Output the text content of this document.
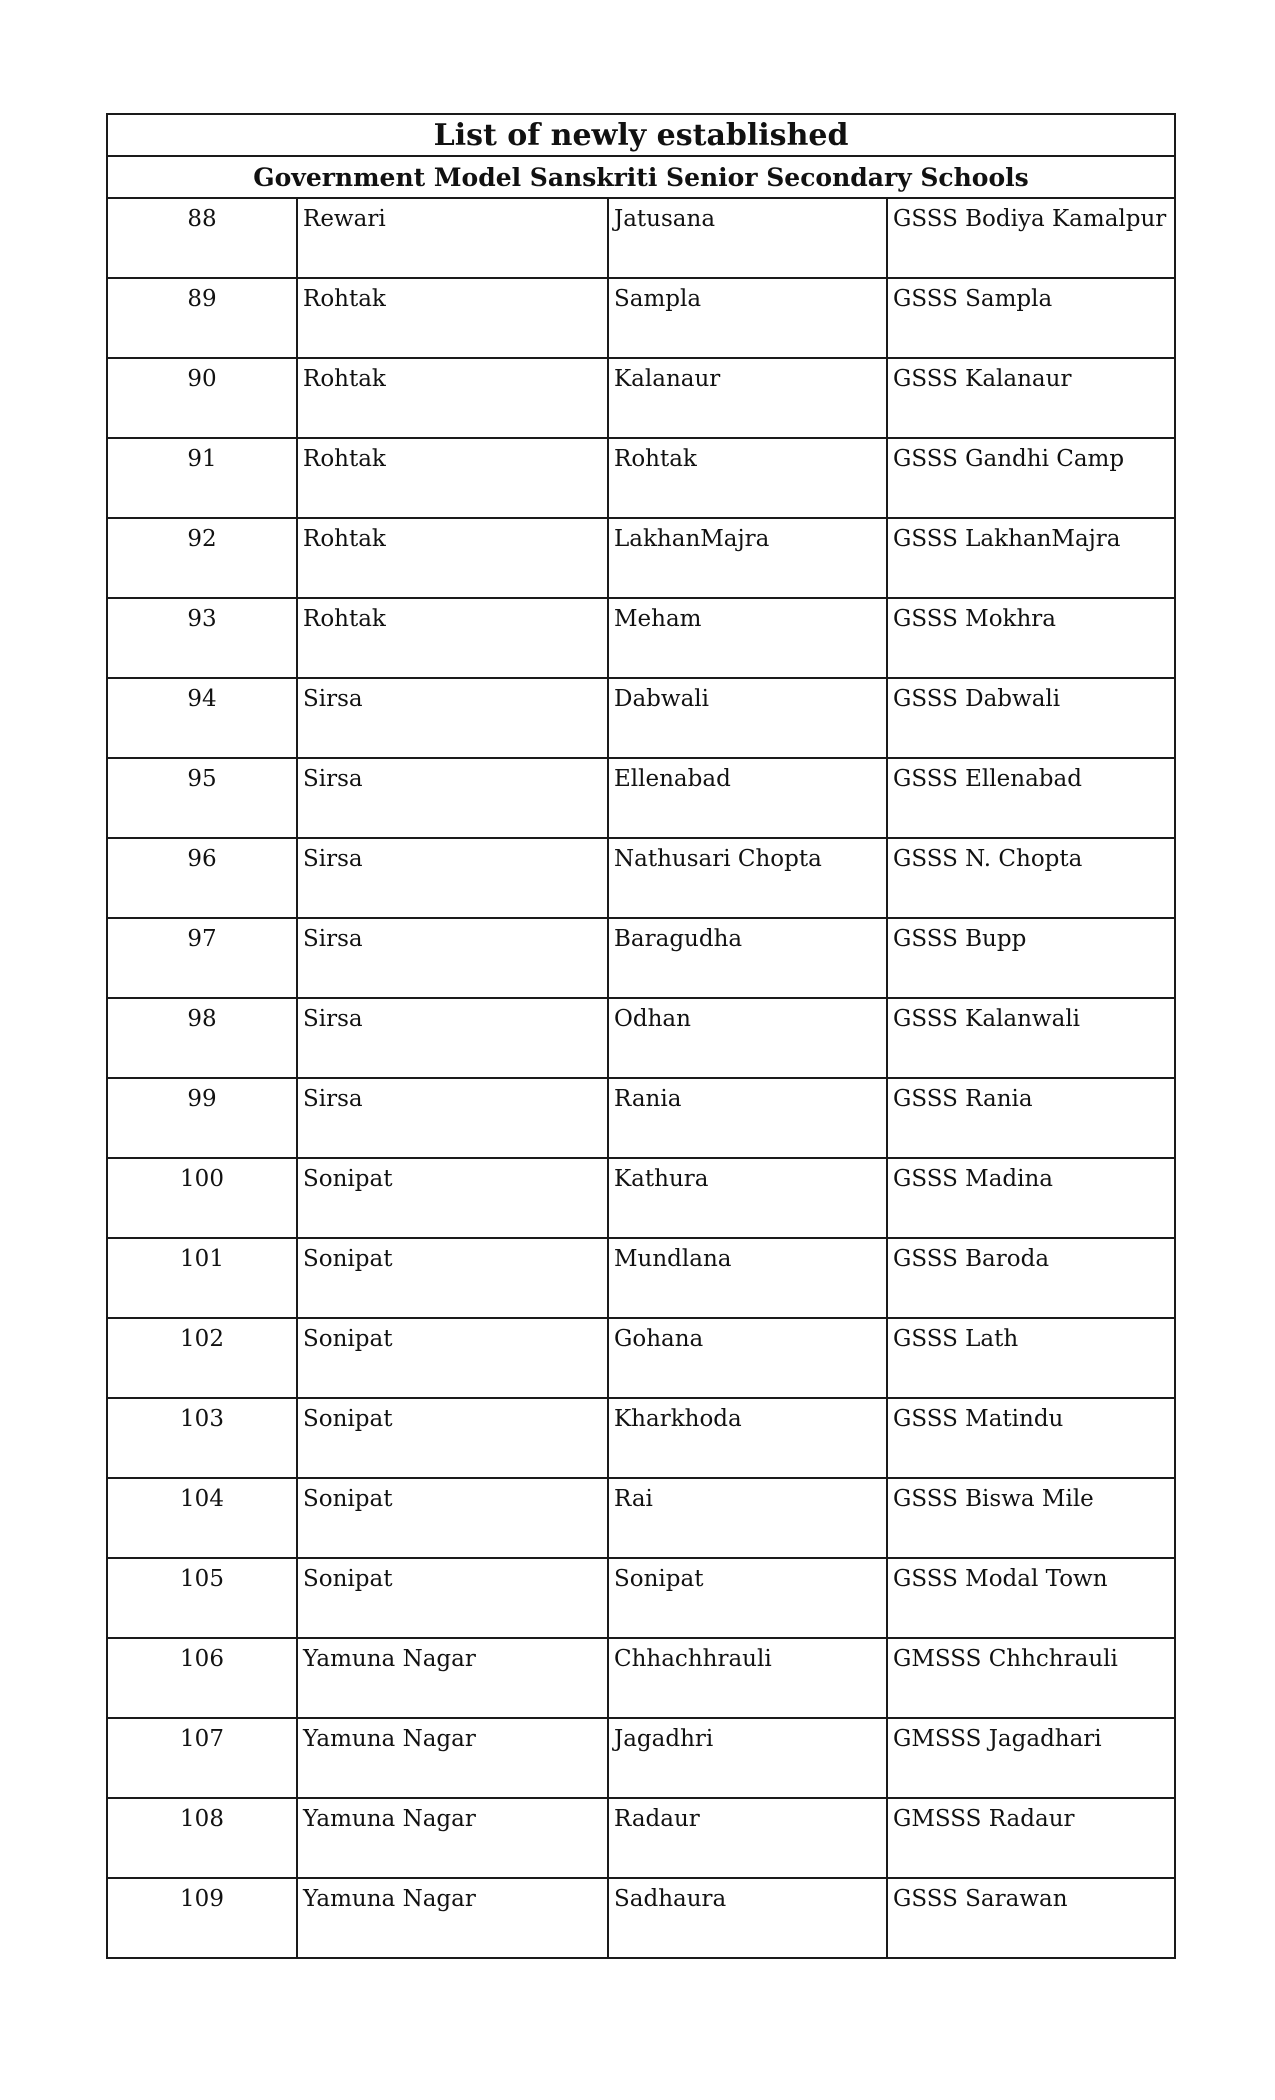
List of newly established			
Government Model Sanskriti Senior Secondary Schools			
88	Rewari	Jatusana	GSSS Bodiya Kamalpur
89	Rohtak	Sampla	GSSS Sampla
90	Rohtak	Kalanaur	GSSS Kalanaur
91	Rohtak	Rohtak	GSSS Gandhi Camp
92	Rohtak	LakhanMajra	GSSS LakhanMajra
93	Rohtak	Meham	GSSS Mokhra
94	Sirsa	Dabwali	GSSS Dabwali
95	Sirsa	Ellenabad	GSSS Ellenabad
96	Sirsa	Nathusari Chopta	GSSS N. Chopta
97	Sirsa	Baragudha	GSSS Bupp
98	Sirsa	Odhan	GSSS Kalanwali
99	Sirsa	Rania	GSSS Rania
100	Sonipat	Kathura	GSSS Madina
101	Sonipat	Mundlana	GSSS Baroda
102	Sonipat	Gohana	GSSS Lath
103	Sonipat	Kharkhoda	GSSS Matindu
104	Sonipat	Rai	GSSS Biswa Mile
105	Sonipat	Sonipat	GSSS Modal Town
106	Yamuna Nagar	Chhachhrauli	GMSSS Chhchrauli
107	Yamuna Nagar	Jagadhri	GMSSS Jagadhari
108	Yamuna Nagar	Radaur	GMSSS Radaur
109	Yamuna Nagar	Sadhaura	GSSS Sarawan
